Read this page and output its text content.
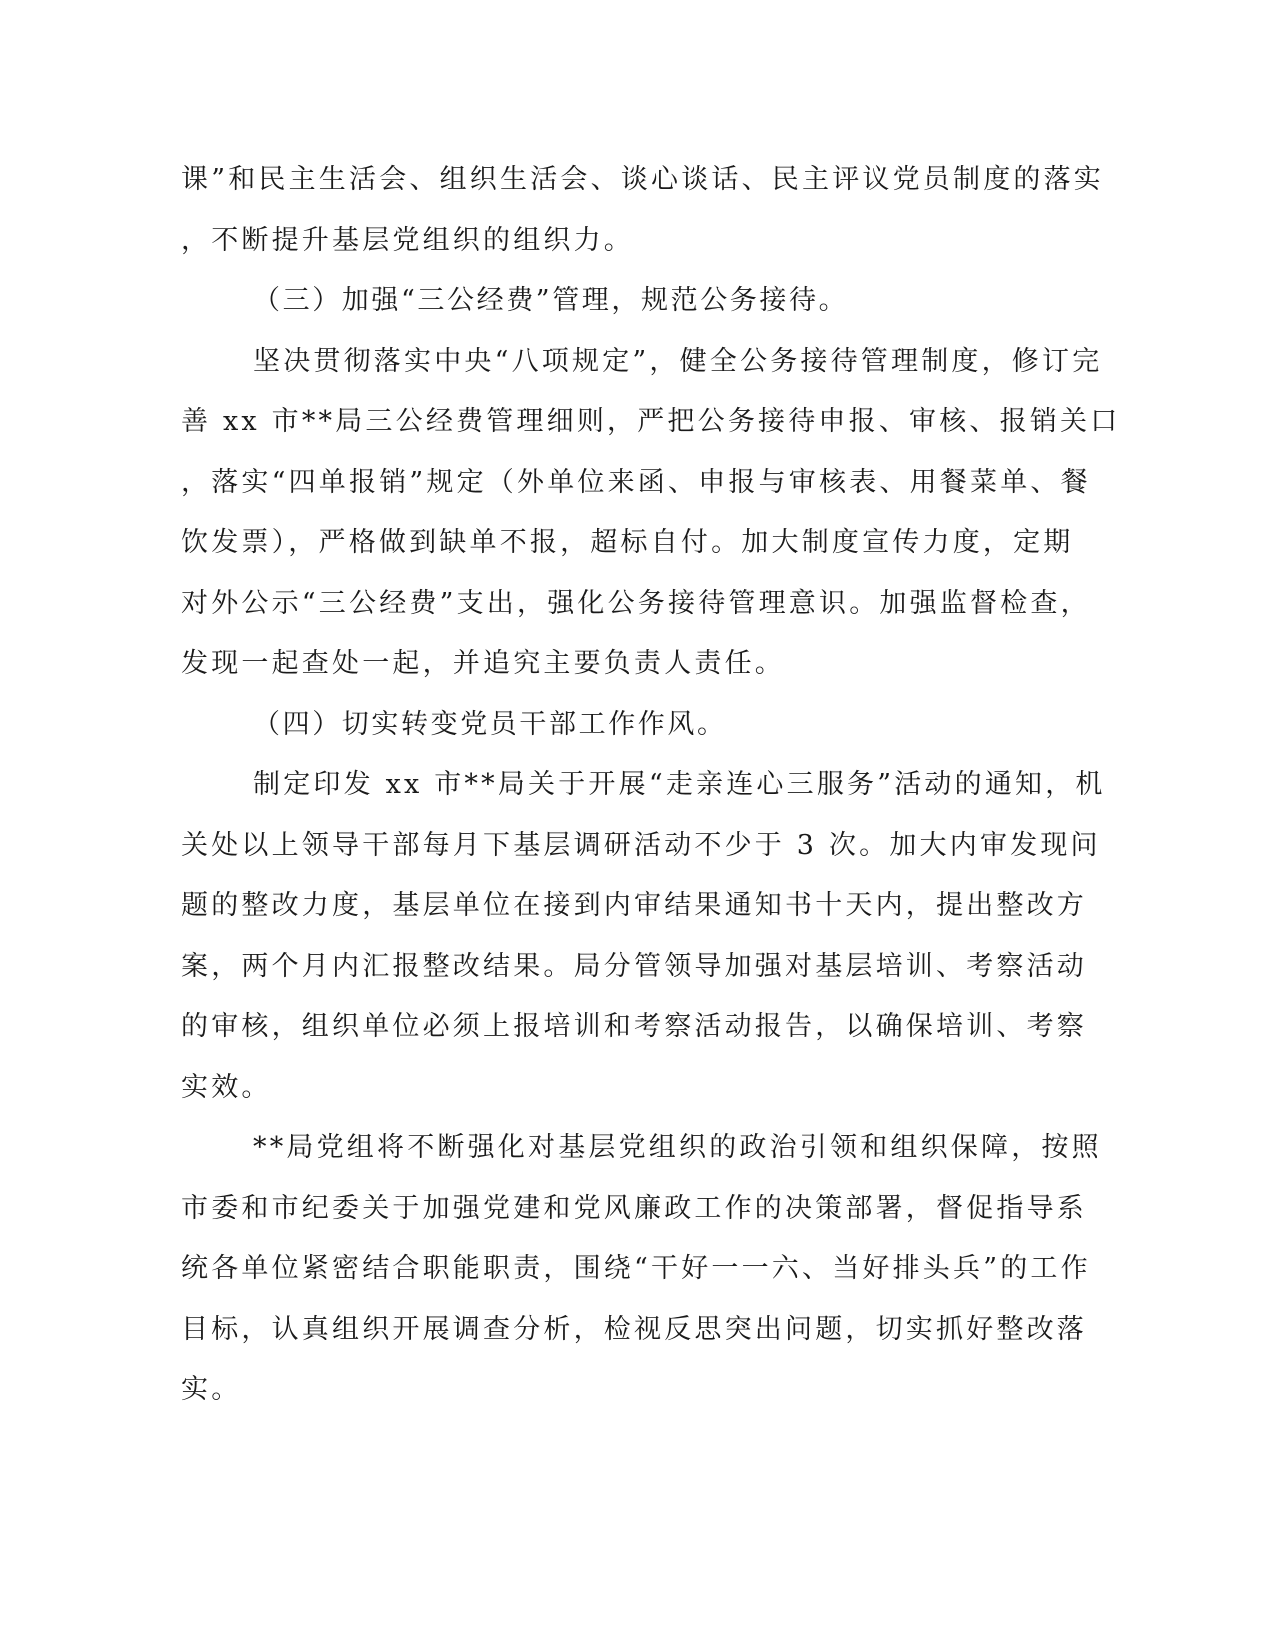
课”和民主生活会、组织生活会、谈心谈话、民主评议党员制度的落实
，不断提升基层党组织的组织力。
（三）加强“三公经费”管理，规范公务接待。
坚决贯彻落实中央“八项规定”，健全公务接待管理制度，修订完
善 xx 市**局三公经费管理细则，严把公务接待申报、审核、报销关口
，落实“四单报销”规定（外单位来函、申报与审核表、用餐菜单、餐
饮发票），严格做到缺单不报，超标自付。加大制度宣传力度，定期
对外公示“三公经费”支出，强化公务接待管理意识。加强监督检查，
发现一起查处一起，并追究主要负责人责任。
（四）切实转变党员干部工作作风。
制定印发 xx 市**局关于开展“走亲连心三服务”活动的通知，机
关处以上领导干部每月下基层调研活动不少于 3 次。加大内审发现问
题的整改力度，基层单位在接到内审结果通知书十天内，提出整改方
案，两个月内汇报整改结果。局分管领导加强对基层培训、考察活动
的审核，组织单位必须上报培训和考察活动报告，以确保培训、考察
实效。
**局党组将不断强化对基层党组织的政治引领和组织保障，按照
市委和市纪委关于加强党建和党风廉政工作的决策部署，督促指导系
统各单位紧密结合职能职责，围绕“干好一一六、当好排头兵”的工作
目标，认真组织开展调查分析，检视反思突出问题，切实抓好整改落
实。
